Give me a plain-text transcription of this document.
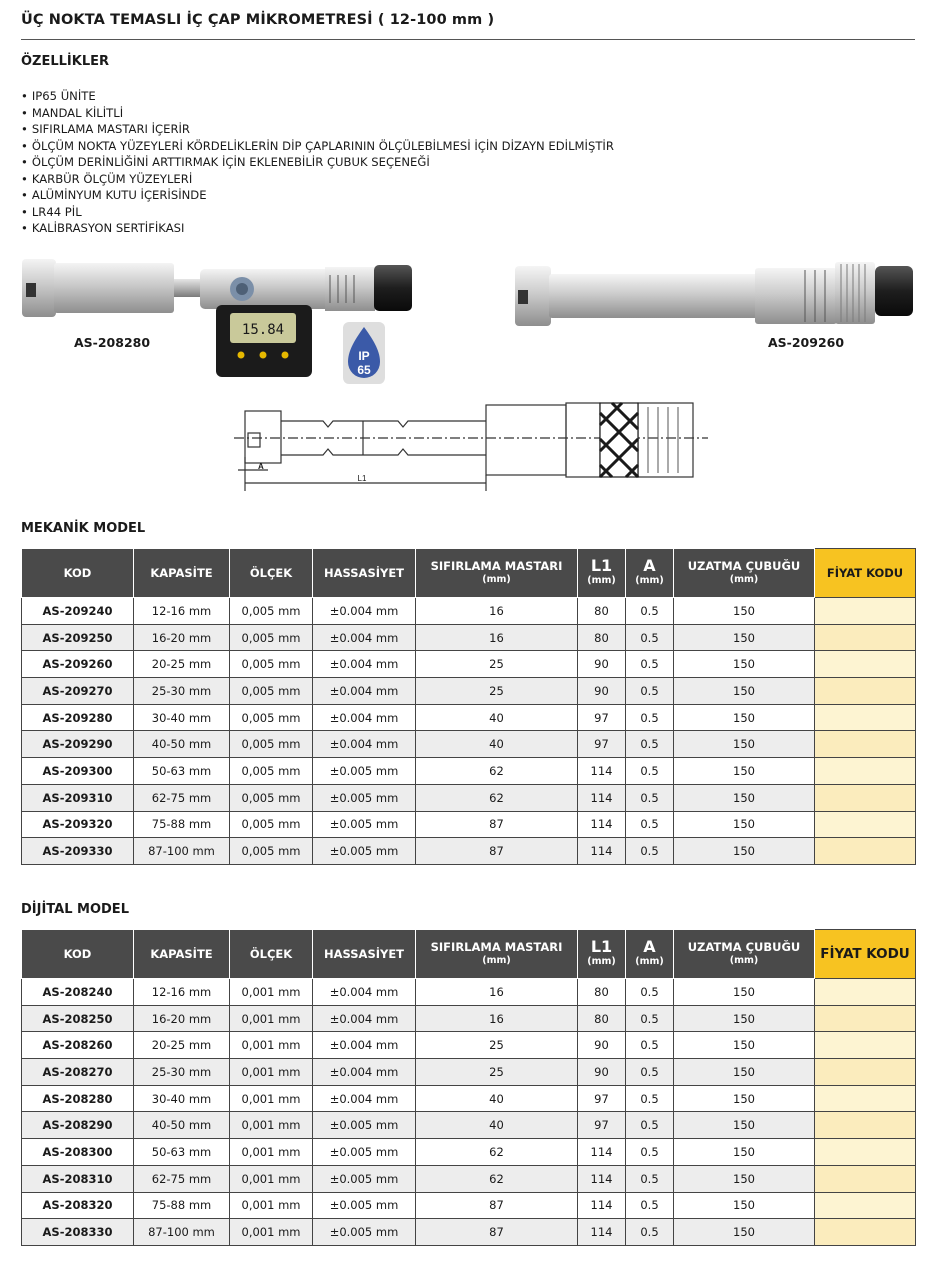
ÜÇ NOKTA TEMASLI İÇ ÇAP MİKROMETRESİ ( 12-100 mm )
ÖZELLİKLER
• IP65 ÜNİTE
• MANDAL KİLİTLİ
• SIFIRLAMA MASTARI İÇERİR
• ÖLÇÜM NOKTA YÜZEYLERİ KÖRDELİKLERİN DİP ÇAPLARININ ÖLÇÜLEBİLMESİ İÇİN DİZAYN EDİLMİŞTİR
• ÖLÇÜM DERİNLİĞİNİ ARTTIRMAK İÇİN EKLENEBİLİR ÇUBUK SEÇENEĞİ
• KARBÜR ÖLÇÜM YÜZEYLERİ
• ALÜMİNYUM KUTU İÇERİSİNDE
• LR44 PİL
• KALİBRASYON SERTİFİKASI
15.84
AS-208280
IP
65
AS-209260
A
L1
MEKANİK MODEL
KOD	KAPASİTE	ÖLÇEK	HASSASİYET	SIFIRLAMA MASTARI
(mm)	L1
(mm)	A
(mm)	UZATMA ÇUBUĞU
(mm)	FİYAT KODU
AS-209240	12-16 mm	0,005 mm	±0.004 mm	16	80	0.5	150	
AS-209250	16-20 mm	0,005 mm	±0.004 mm	16	80	0.5	150	
AS-209260	20-25 mm	0,005 mm	±0.004 mm	25	90	0.5	150	
AS-209270	25-30 mm	0,005 mm	±0.004 mm	25	90	0.5	150	
AS-209280	30-40 mm	0,005 mm	±0.004 mm	40	97	0.5	150	
AS-209290	40-50 mm	0,005 mm	±0.004 mm	40	97	0.5	150	
AS-209300	50-63 mm	0,005 mm	±0.005 mm	62	114	0.5	150	
AS-209310	62-75 mm	0,005 mm	±0.005 mm	62	114	0.5	150	
AS-209320	75-88 mm	0,005 mm	±0.005 mm	87	114	0.5	150	
AS-209330	87-100 mm	0,005 mm	±0.005 mm	87	114	0.5	150	
DİJİTAL MODEL
KOD	KAPASİTE	ÖLÇEK	HASSASİYET	SIFIRLAMA MASTARI
(mm)	L1
(mm)	A
(mm)	UZATMA ÇUBUĞU
(mm)	FİYAT KODU
AS-208240	12-16 mm	0,001 mm	±0.004 mm	16	80	0.5	150	
AS-208250	16-20 mm	0,001 mm	±0.004 mm	16	80	0.5	150	
AS-208260	20-25 mm	0,001 mm	±0.004 mm	25	90	0.5	150	
AS-208270	25-30 mm	0,001 mm	±0.004 mm	25	90	0.5	150	
AS-208280	30-40 mm	0,001 mm	±0.004 mm	40	97	0.5	150	
AS-208290	40-50 mm	0,001 mm	±0.005 mm	40	97	0.5	150	
AS-208300	50-63 mm	0,001 mm	±0.005 mm	62	114	0.5	150	
AS-208310	62-75 mm	0,001 mm	±0.005 mm	62	114	0.5	150	
AS-208320	75-88 mm	0,001 mm	±0.005 mm	87	114	0.5	150	
AS-208330	87-100 mm	0,001 mm	±0.005 mm	87	114	0.5	150	
